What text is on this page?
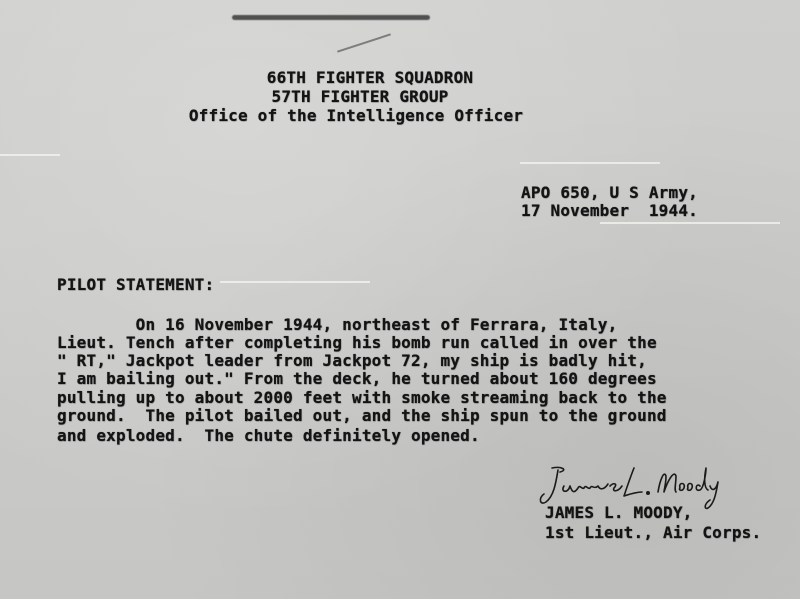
66TH FIGHTER SQUADRON
57TH FIGHTER GROUP
Office of the Intelligence Officer
APO 650, U S Army,
17 November  1944.
PILOT STATEMENT:
On 16 November 1944, northeast of Ferrara, Italy,
Lieut. Tench after completing his bomb run called in over the
" RT," Jackpot leader from Jackpot 72, my ship is badly hit,
I am bailing out." From the deck, he turned about 160 degrees
pulling up to about 2000 feet with smoke streaming back to the
ground.  The pilot bailed out, and the ship spun to the ground
and exploded.  The chute definitely opened.
JAMES L. MOODY,
1st Lieut., Air Corps.
